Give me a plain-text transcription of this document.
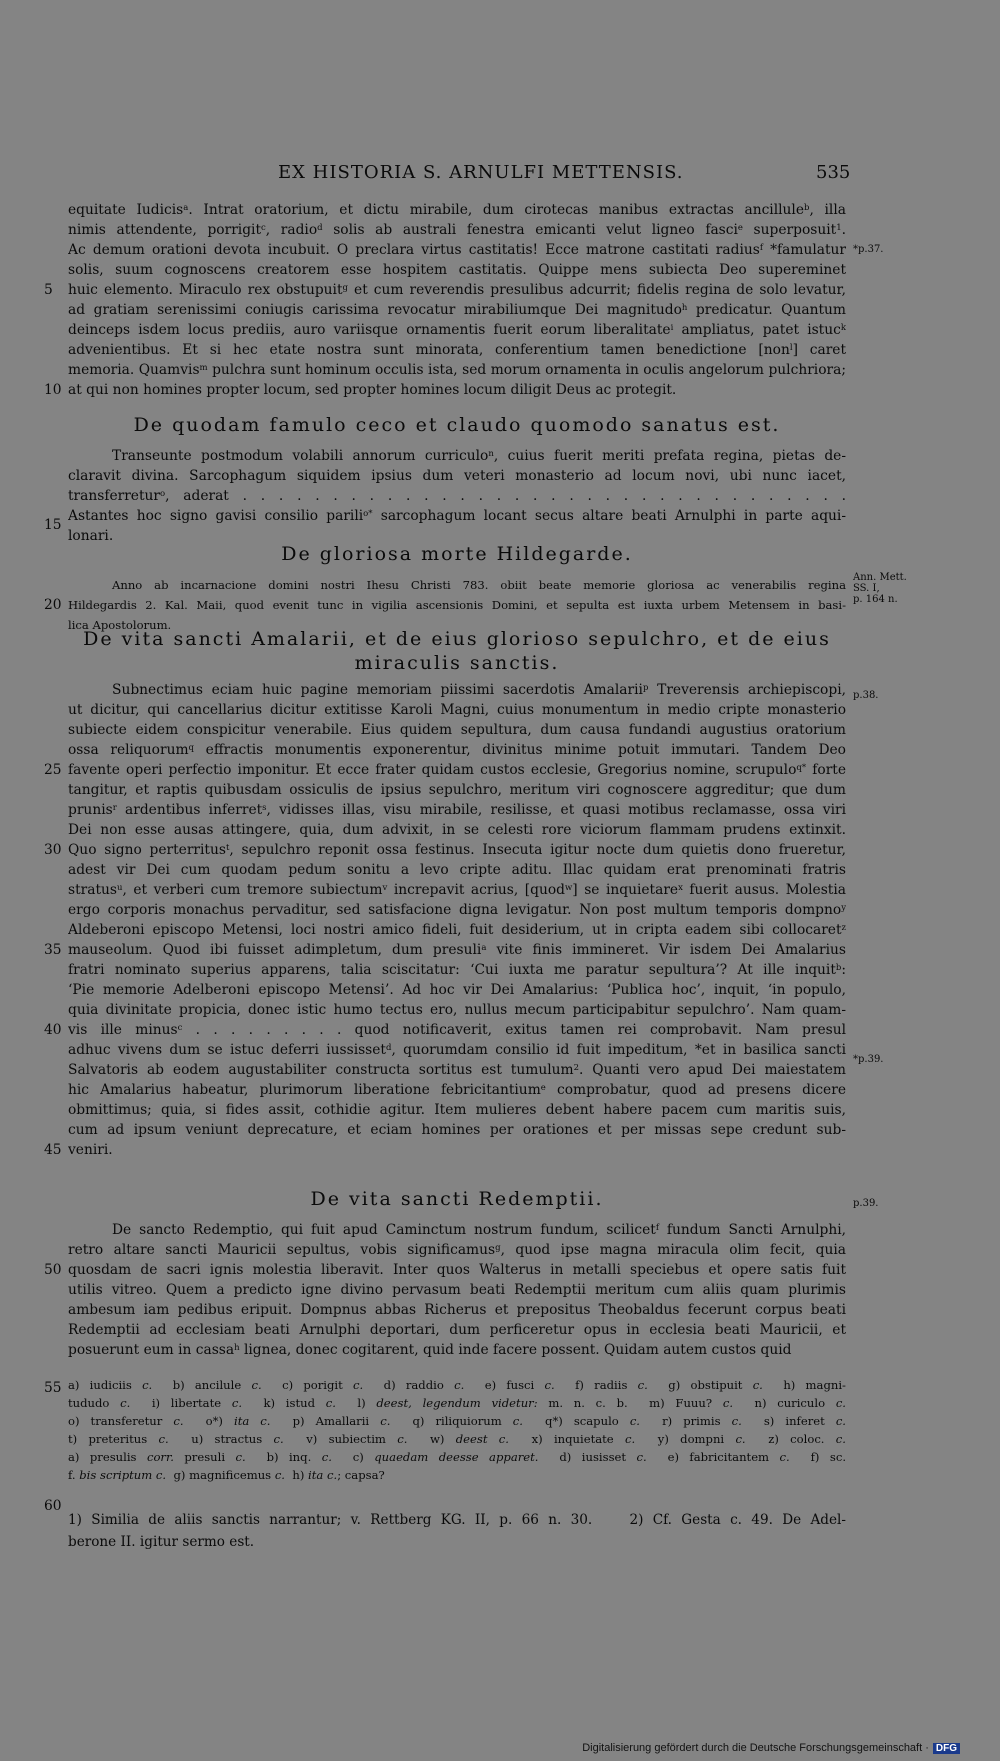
EX HISTORIA S. ARNULFI METTENSIS.	535
equitate Iudicis$^a$. Intrat oratorium, et dictu mirabile, dum cirotecas manibus extractas ancillule$^b$, illa
nimis attendente, porrigit$^c$, radio$^d$ solis ab australi fenestra emicanti velut ligneo fasci$^e$ superposuit$^1$.
Ac demum orationi devota incubuit. O preclara virtus castitatis! Ecce matrone castitati radius$^f$ *famulatur
solis, suum cognoscens creatorem esse hospitem castitatis. Quippe mens subiecta Deo supereminet
huic elemento. Miraculo rex obstupuit$^g$ et cum reverendis presulibus adcurrit; fidelis regina de solo levatur,
ad gratiam serenissimi coniugis carissima revocatur mirabiliumque Dei magnitudo$^h$ predicatur. Quantum
deinceps isdem locus prediis, auro variisque ornamentis fuerit eorum liberalitate$^i$ ampliatus, patet istuc$^k$
advenientibus. Et si hec etate nostra sunt minorata, conferentium tamen benedictione [non$^l$] caret
memoria. Quamvis$^m$ pulchra sunt hominum occulis ista, sed morum ornamenta in oculis angelorum pulchriora;
at qui non homines propter locum, sed propter homines locum diligit Deus ac protegit.
De quodam famulo ceco et claudo quomodo sanatus est.
Transeunte postmodum volabili annorum curriculo$^n$, cuius fuerit meriti prefata regina, pietas de-
claravit divina. Sarcophagum siquidem ipsius dum veteri monasterio ad locum novi, ubi nunc iacet,
transferretur$^o$, aderat . . . . . . . . . . . . . . . . . . . . . . . . . . . . . . . . . .
Astantes hoc signo gavisi consilio parili$^{o*}$ sarcophagum locant secus altare beati Arnulphi in parte aqui-
lonari.
De gloriosa morte Hildegarde.
Anno ab incarnacione domini nostri Ihesu Christi 783. obiit beate memorie gloriosa ac venerabilis regina
Hildegardis 2. Kal. Maii, quod evenit tunc in vigilia ascensionis Domini, et sepulta est iuxta urbem Metensem in basi-
lica Apostolorum.
De vita sancti Amalarii, et de eius glorioso sepulchro, et de eius
miraculis sanctis.
Subnectimus eciam huic pagine memoriam piissimi sacerdotis Amalarii$^p$ Treverensis archiepiscopi,
ut dicitur, qui cancellarius dicitur extitisse Karoli Magni, cuius monumentum in medio cripte monasterio
subiecte eidem conspicitur venerabile. Eius quidem sepultura, dum causa fundandi augustius oratorium
ossa reliquorum$^q$ effractis monumentis exponerentur, divinitus minime potuit immutari. Tandem Deo
favente operi perfectio imponitur. Et ecce frater quidam custos ecclesie, Gregorius nomine, scrupulo$^{q*}$ forte
tangitur, et raptis quibusdam ossiculis de ipsius sepulchro, meritum viri cognoscere aggreditur; que dum
prunis$^r$ ardentibus inferret$^s$, vidisses illas, visu mirabile, resilisse, et quasi motibus reclamasse, ossa viri
Dei non esse ausas attingere, quia, dum advixit, in se celesti rore viciorum flammam prudens extinxit.
Quo signo perterritus$^t$, sepulchro reponit ossa festinus. Insecuta igitur nocte dum quietis dono frueretur,
adest vir Dei cum quodam pedum sonitu a levo cripte aditu. Illac quidam erat prenominati fratris
stratus$^u$, et verberi cum tremore subiectum$^v$ increpavit acrius, [quod$^w$] se inquietare$^x$ fuerit ausus. Molestia
ergo corporis monachus pervaditur, sed satisfacione digna levigatur. Non post multum temporis dompno$^y$
Aldeberoni episcopo Metensi, loci nostri amico fideli, fuit desiderium, ut in cripta eadem sibi collocaret$^z$
mauseolum. Quod ibi fuisset adimpletum, dum presuli$^a$ vite finis immineret. Vir isdem Dei Amalarius
fratri nominato superius apparens, talia sciscitatur: ‘Cui iuxta me paratur sepultura’? At ille inquit$^b$:
‘Pie memorie Adelberoni episcopo Metensi’. Ad hoc vir Dei Amalarius: ‘Publica hoc’, inquit, ‘in populo,
quia divinitate propicia, donec istic humo tectus ero, nullus mecum participabitur sepulchro’. Nam quam-
vis ille minus$^c$ . . . . . . . . . quod notificaverit, exitus tamen rei comprobavit. Nam presul
adhuc vivens dum se istuc deferri iussisset$^d$, quorumdam consilio id fuit impeditum, *et in basilica sancti
Salvatoris ab eodem augustabiliter constructa sortitus est tumulum$^2$. Quanti vero apud Dei maiestatem
hic Amalarius habeatur, plurimorum liberatione febricitantium$^e$ comprobatur, quod ad presens dicere
obmittimus; quia, si fides assit, cothidie agitur. Item mulieres debent habere pacem cum maritis suis,
cum ad ipsum veniunt deprecature, et eciam homines per orationes et per missas sepe credunt sub-
veniri.
De vita sancti Redemptii.
De sancto Redemptio, qui fuit apud Caminctum nostrum fundum, scilicet$^f$ fundum Sancti Arnulphi,
retro altare sancti Mauricii sepultus, vobis significamus$^g$, quod ipse magna miracula olim fecit, quia
quosdam de sacri ignis molestia liberavit. Inter quos Walterus in metalli speciebus et opere satis fuit
utilis vitreo. Quem a predicto igne divino pervasum beati Redemptii meritum cum aliis quam plurimis
ambesum iam pedibus eripuit. Dompnus abbas Richerus et prepositus Theobaldus fecerunt corpus beati
Redemptii ad ecclesiam beati Arnulphi deportari, dum perficeretur opus in ecclesia beati Mauricii, et
posuerunt eum in cassa$^h$ lignea, donec cogitarent, quid inde facere possent. Quidam autem custos quid
5
10
15
20
25
30
35
40
45
50
55
60
*p.37.
Ann. Mett.
SS. I,
p. 164 n.
p.38.
*p.39.
p.39.
a) iudiciis c.  b) ancilule c.  c) porigit c.  d) raddio c.  e) fusci c.  f) radiis c.  g) obstipuit c.  h) magni-
tududo c.  i) libertate c.  k) istud c.  l) deest, legendum videtur: m. n. c. b.  m) Fuuu? c.  n) curiculo c.
o) transferetur c.  o*) ita c.  p) Amallarii c.  q) riliquiorum c.  q*) scapulo c.  r) primis c.  s) inferet c.
t) preteritus c.  u) stractus c.  v) subiectim c.  w) deest c.  x) inquietate c.  y) dompni c.  z) coloc. c.
a) presulis corr. presuli c.  b) inq. c.  c) quaedam deesse apparet.  d) iusisset c.  e) fabricitantem c.  f) sc.
f. bis scriptum c.  g) magnificemus c.  h) ita c.; capsa?
1) Similia de aliis sanctis narrantur; v. Rettberg KG. II, p. 66 n. 30.    2) Cf. Gesta c. 49. De Adel-
berone II. igitur sermo est.
Digitalisierung gefördert durch die Deutsche Forschungsgemeinschaft · DFG
